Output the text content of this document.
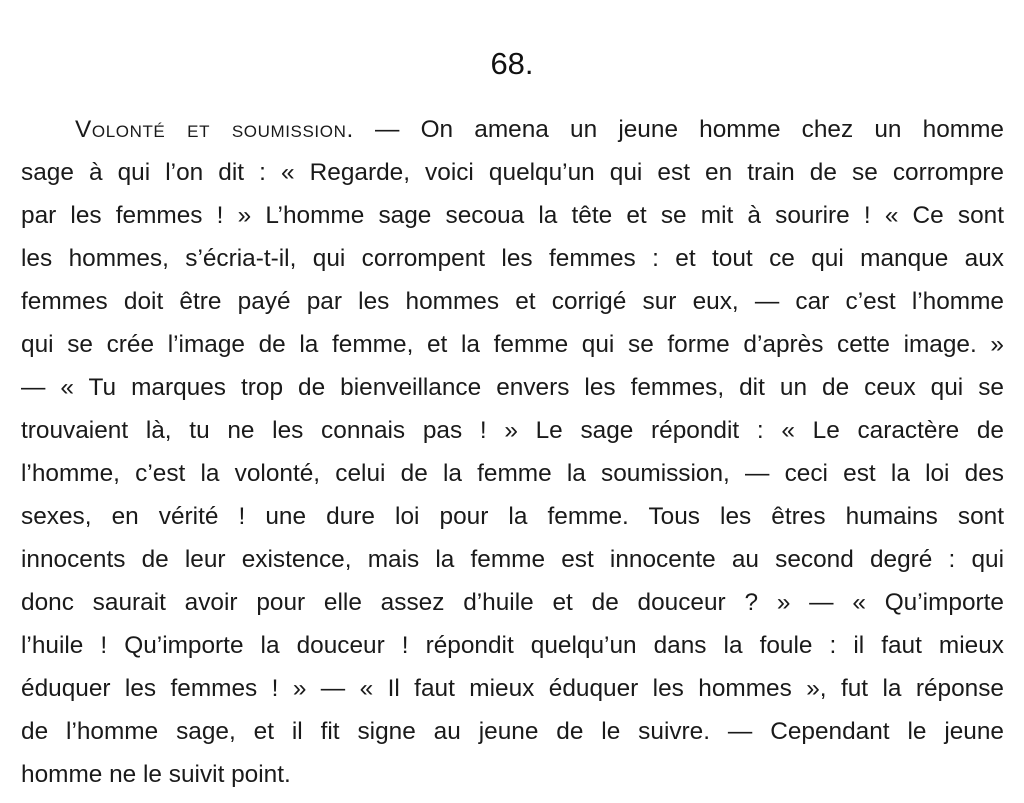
68.
Volonté et soumission. — On amena un jeune homme chez un homme
sage à qui l’on dit : « Regarde, voici quelqu’un qui est en train de se corrompre
par les femmes ! » L’homme sage secoua la tête et se mit à sourire ! « Ce sont
les hommes, s’écria-t-il, qui corrompent les femmes : et tout ce qui manque aux
femmes doit être payé par les hommes et corrigé sur eux, — car c’est l’homme
qui se crée l’image de la femme, et la femme qui se forme d’après cette image. »
— « Tu marques trop de bienveillance envers les femmes, dit un de ceux qui se
trouvaient là, tu ne les connais pas ! » Le sage répondit : « Le caractère de
l’homme, c’est la volonté, celui de la femme la soumission, — ceci est la loi des
sexes, en vérité ! une dure loi pour la femme. Tous les êtres humains sont
innocents de leur existence, mais la femme est innocente au second degré : qui
donc saurait avoir pour elle assez d’huile et de douceur ? » — « Qu’importe
l’huile ! Qu’importe la douceur ! répondit quelqu’un dans la foule : il faut mieux
éduquer les femmes ! » — « Il faut mieux éduquer les hommes », fut la réponse
de l’homme sage, et il fit signe au jeune de le suivre. — Cependant le jeune
homme ne le suivit point.
